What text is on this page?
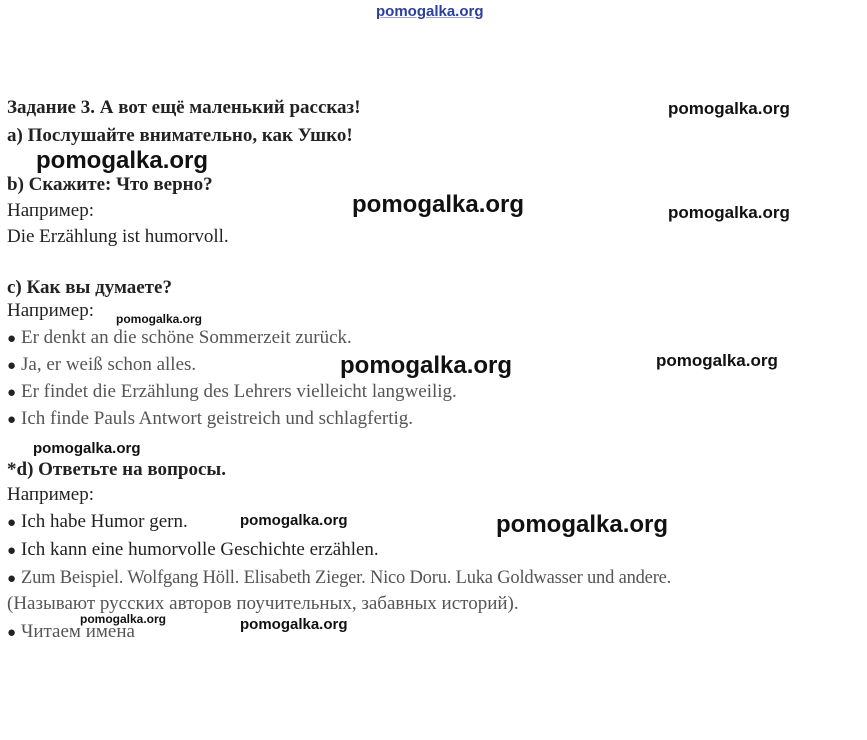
pomogalka.org
Задание 3. А вот ещё маленький рассказ!
а) Послушайте внимательно, как Ушко!
b) Скажите: Что верно?
Например:
Die Erzählung ist humorvoll.
c) Как вы думаете?
Например:
● Er denkt an die schöne Sommerzeit zurück.
● Ja, er weiß schon alles.
● Er findet die Erzählung des Lehrers vielleicht langweilig.
● Ich finde Pauls Antwort geistreich und schlagfertig.
*d) Ответьте на вопросы.
Например:
● Ich habe Humor gern.
● Ich kann eine humorvolle Geschichte erzählen.
● Zum Beispiel. Wolfgang Höll. Elisabeth Zieger. Nico Doru. Luka Goldwasser und andere.
(Называют русских авторов поучительных, забавных историй).
● Читаем имена
pomogalka.org
pomogalka.org
pomogalka.org	pomogalka.org
pomogalka.org
pomogalka.org	pomogalka.org
pomogalka.org
pomogalka.org	pomogalka.org
pomogalka.org	pomogalka.org
